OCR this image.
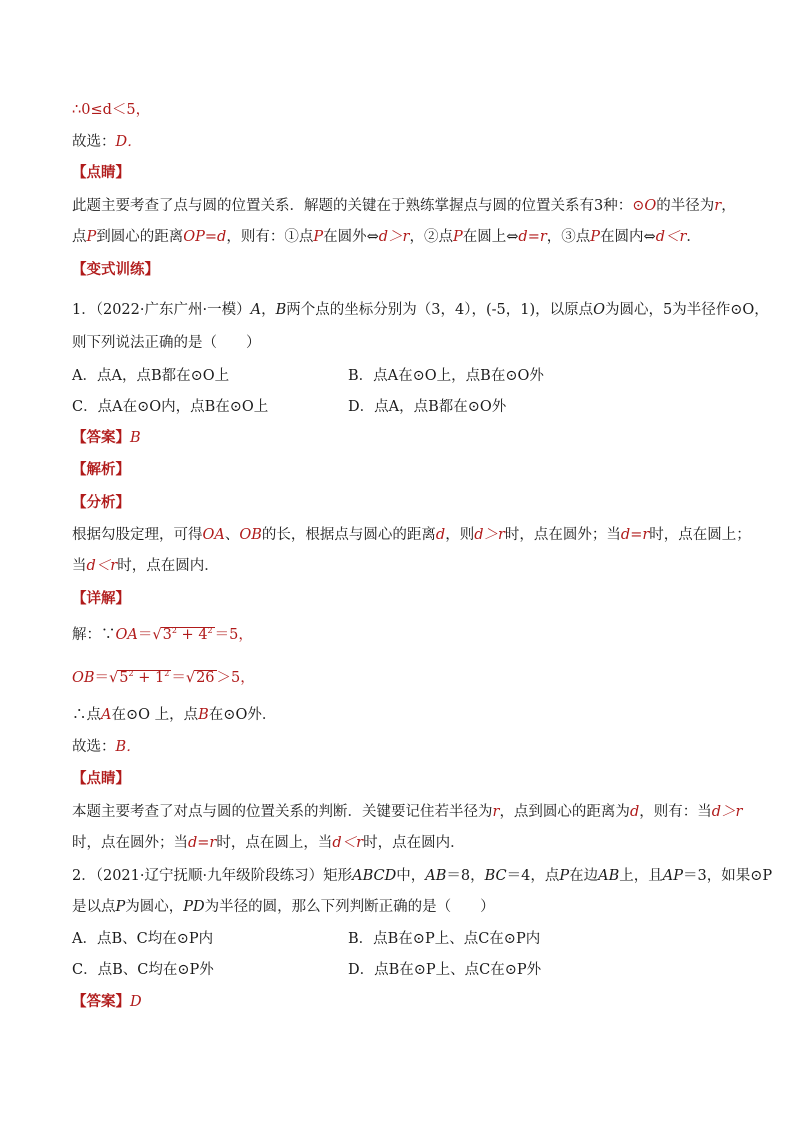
∴0≤d＜5，
故选：D．
【点睛】
此题主要考查了点与圆的位置关系．解题的关键在于熟练掌握点与圆的位置关系有3种：⊙O的半径为r，
点P到圆心的距离OP=d，则有：①点P在圆外⇔d＞r，②点P在圆上⇔d=r，③点P在圆内⇔d＜r．
【变式训练】
1．（2022·广东广州·一模）A，B两个点的坐标分别为（3，4），(-5，1)，以原点O为圆心，5为半径作⊙O，
则下列说法正确的是（　　）
A．点A，点B都在⊙O上	B．点A在⊙O上，点B在⊙O外
C．点A在⊙O内，点B在⊙O上	D．点A，点B都在⊙O外
【答案】B
【解析】
【分析】
根据勾股定理，可得OA、OB的长，根据点与圆心的距离d，则d＞r时，点在圆外；当d=r时，点在圆上；
当d＜r时，点在圆内．
【详解】
解：$\because OA=√3^2 + 4^2 =5$，
$OB=√5^2 + 1^2 =√26 >5$，
∴点A在⊙O 上，点B在⊙O外．
故选：B．
【点睛】
本题主要考查了对点与圆的位置关系的判断．关键要记住若半径为r，点到圆心的距离为d，则有：当d＞r
时，点在圆外；当d=r时，点在圆上，当d＜r时，点在圆内．
2．（2021·辽宁抚顺·九年级阶段练习）矩形ABCD中，AB＝8，BC＝4，点P在边AB上，且AP＝3，如果⊙P
是以点P为圆心，PD为半径的圆，那么下列判断正确的是（　　）
A．点B、C均在⊙P内	B．点B在⊙P上、点C在⊙P内
C．点B、C均在⊙P外	D．点B在⊙P上、点C在⊙P外
【答案】D
